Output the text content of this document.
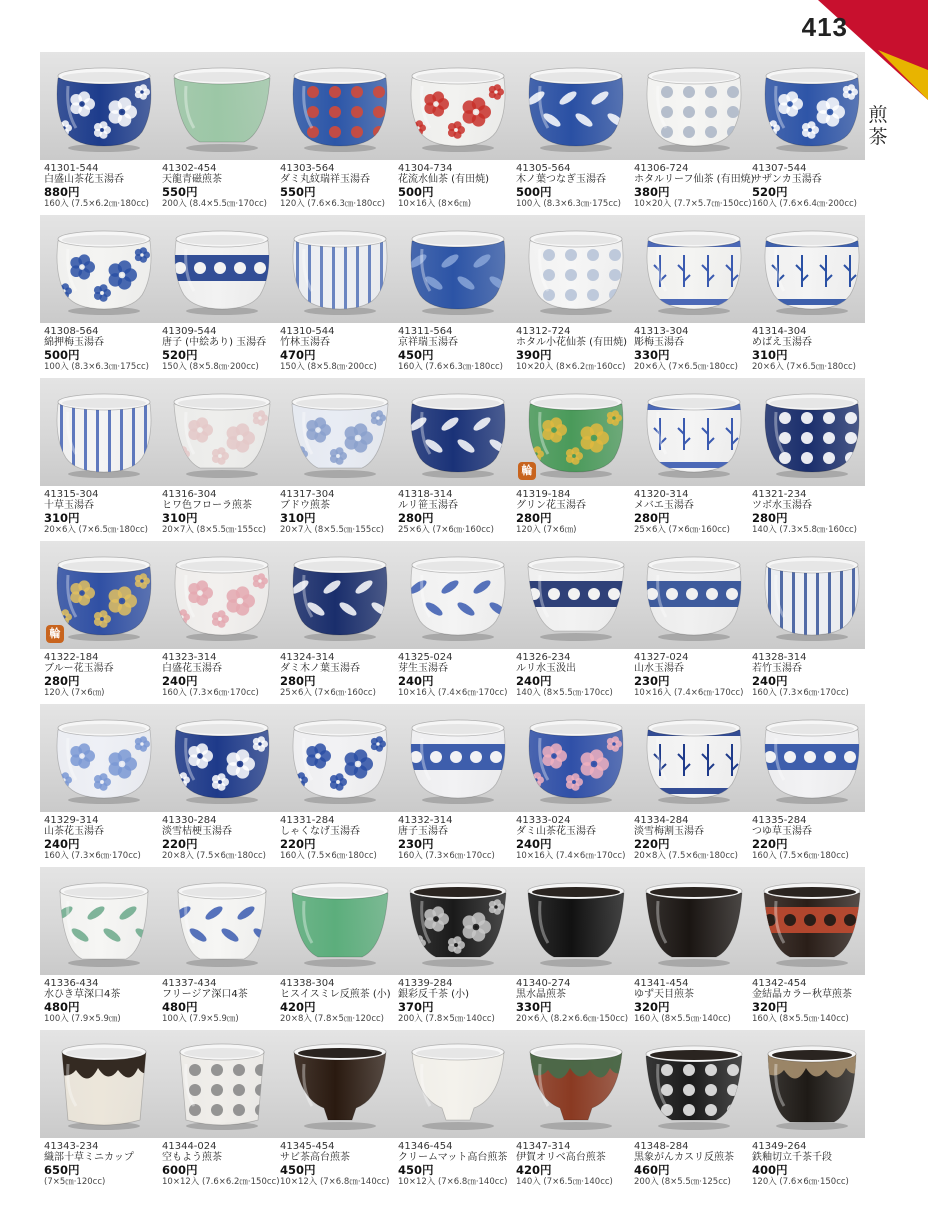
413
煎茶
41301-544
白盛山茶花玉湯呑
880円
160入 (7.5×6.2㎝·180cc)
41302-454
天龍青磁煎茶
550円
200入 (8.4×5.5㎝·170cc)
41303-564
ダミ丸紋瑞祥玉湯呑
550円
120入 (7.6×6.3㎝·180cc)
41304-734
花流水仙茶 (有田焼)
500円
10×16入 (8×6㎝)
41305-564
木ノ葉つなぎ玉湯呑
500円
100入 (8.3×6.3㎝·175cc)
41306-724
ホタルリーフ仙茶 (有田焼)
380円
10×20入 (7.7×5.7㎝·150cc)
41307-544
サザンカ玉湯呑
520円
160入 (7.6×6.4㎝·200cc)
41308-564
綿押梅玉湯呑
500円
100入 (8.3×6.3㎝·175cc)
41309-544
唐子 (中絵あり) 玉湯呑
520円
150入 (8×5.8㎝·200cc)
41310-544
竹林玉湯呑
470円
150入 (8×5.8㎝·200cc)
41311-564
京祥瑞玉湯呑
450円
160入 (7.6×6.3㎝·180cc)
41312-724
ホタル小花仙茶 (有田焼)
390円
10×20入 (8×6.2㎝·160cc)
41313-304
彫梅玉湯呑
330円
20×6入 (7×6.5㎝·180cc)
41314-304
めばえ玉湯呑
310円
20×6入 (7×6.5㎝·180cc)
41315-304
十草玉湯呑
310円
20×6入 (7×6.5㎝·180cc)
41316-304
ヒワ色フローラ煎茶
310円
20×7入 (8×5.5㎝·155cc)
41317-304
ブドウ煎茶
310円
20×7入 (8×5.5㎝·155cc)
41318-314
ルリ笹玉湯呑
280円
25×6入 (7×6㎝·160cc)
輪
41319-184
グリン花玉湯呑
280円
120入 (7×6㎝)
41320-314
メバエ玉湯呑
280円
25×6入 (7×6㎝·160cc)
41321-234
ツボ水玉湯呑
280円
140入 (7.3×5.8㎝·160cc)
輪
41322-184
ブルー花玉湯呑
280円
120入 (7×6㎝)
41323-314
白盛花玉湯呑
240円
160入 (7.3×6㎝·170cc)
41324-314
ダミ木ノ葉玉湯呑
280円
25×6入 (7×6㎝·160cc)
41325-024
芽生玉湯呑
240円
10×16入 (7.4×6㎝·170cc)
41326-234
ルリ水玉汲出
240円
140入 (8×5.5㎝·170cc)
41327-024
山水玉湯呑
230円
10×16入 (7.4×6㎝·170cc)
41328-314
若竹玉湯呑
240円
160入 (7.3×6㎝·170cc)
41329-314
山茶花玉湯呑
240円
160入 (7.3×6㎝·170cc)
41330-284
淡雪桔梗玉湯呑
220円
20×8入 (7.5×6㎝·180cc)
41331-284
しゃくなげ玉湯呑
220円
160入 (7.5×6㎝·180cc)
41332-314
唐子玉湯呑
230円
160入 (7.3×6㎝·170cc)
41333-024
ダミ山茶花玉湯呑
240円
10×16入 (7.4×6㎝·170cc)
41334-284
淡雪梅割玉湯呑
220円
20×8入 (7.5×6㎝·180cc)
41335-284
つゆ草玉湯呑
220円
160入 (7.5×6㎝·180cc)
41336-434
水ひき草深口4茶
480円
100入 (7.9×5.9㎝)
41337-434
フリージア深口4茶
480円
100入 (7.9×5.9㎝)
41338-304
ヒスイスミレ反煎茶 (小)
420円
20×8入 (7.8×5㎝·120cc)
41339-284
銀彩反千茶 (小)
370円
200入 (7.8×5㎝·140cc)
41340-274
黒水晶煎茶
330円
20×6入 (8.2×6.6㎝·150cc)
41341-454
ゆず天目煎茶
320円
160入 (8×5.5㎝·140cc)
41342-454
金結晶カラー秋草煎茶
320円
160入 (8×5.5㎝·140cc)
41343-234
織部十草ミニカップ
650円
(7×5㎝·120cc)
41344-024
空もよう煎茶
600円
10×12入 (7.6×6.2㎝·150cc)
41345-454
サビ茶高台煎茶
450円
10×12入 (7×6.8㎝·140cc)
41346-454
クリームマット高台煎茶
450円
10×12入 (7×6.8㎝·140cc)
41347-314
伊賀オリベ高台煎茶
420円
140入 (7×6.5㎝·140cc)
41348-284
黒象がんカスリ反煎茶
460円
200入 (8×5.5㎝·125cc)
41349-264
鉄釉切立千茶千段
400円
120入 (7.6×6㎝·150cc)
